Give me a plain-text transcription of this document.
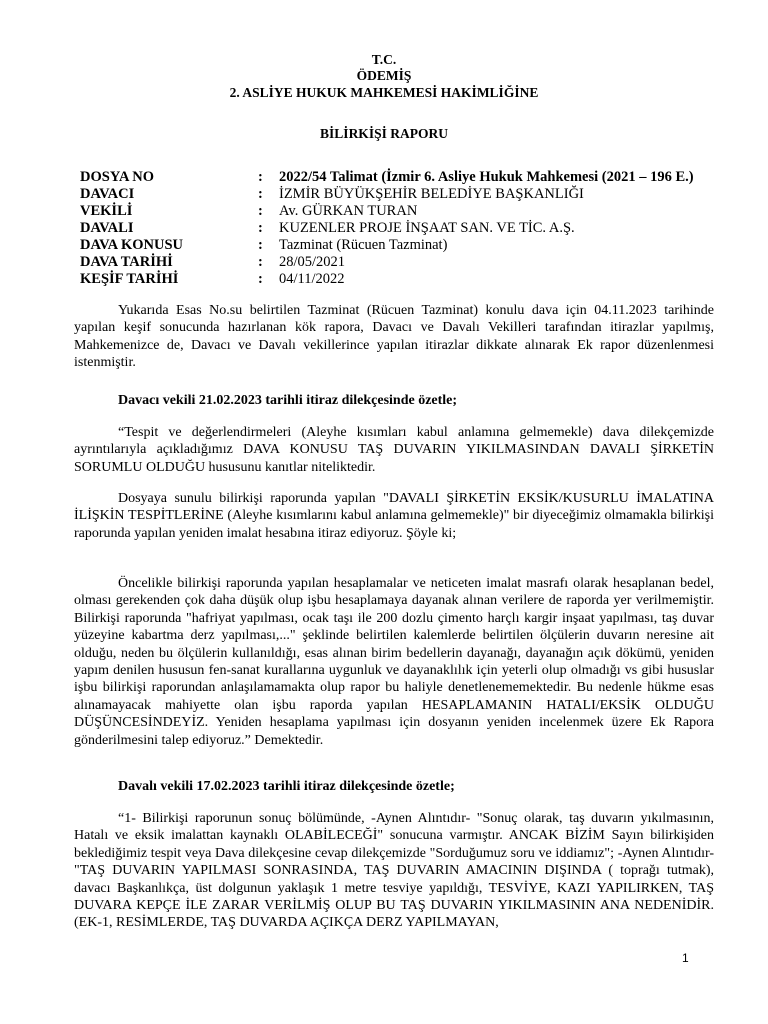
T.C.
ÖDEMİŞ
2. ASLİYE HUKUK MAHKEMESİ HAKİMLİĞİNE
BİLİRKİŞİ RAPORU
DOSYA NO	: 2022/54 Talimat (İzmir 6. Asliye Hukuk Mahkemesi (2021 – 196 E.)
DAVACI	: İZMİR BÜYÜKŞEHİR BELEDİYE BAŞKANLIĞI
VEKİLİ	: Av. GÜRKAN TURAN
DAVALI	: KUZENLER PROJE İNŞAAT SAN. VE TİC. A.Ş.
DAVA KONUSU	: Tazminat (Rücuen Tazminat)
DAVA TARİHİ	: 28/05/2021
KEŞİF TARİHİ	: 04/11/2022

Yukarıda Esas No.su belirtilen Tazminat (Rücuen Tazminat) konulu dava için 04.11.2023 tarihinde yapılan keşif sonucunda hazırlanan kök rapora, Davacı ve Davalı Vekilleri tarafından itirazlar yapılmış, Mahkemenizce de, Davacı ve Davalı vekillerince yapılan itirazlar dikkate alınarak Ek rapor düzenlenmesi istenmiştir.

Davacı vekili 21.02.2023 tarihli itiraz dilekçesinde özetle;

“Tespit ve değerlendirmeleri (Aleyhe kısımları kabul anlamına gelmemekle) dava dilekçemizde ayrıntılarıyla açıkladığımız DAVA KONUSU TAŞ DUVARIN YIKILMASINDAN DAVALI ŞİRKETİN SORUMLU OLDUĞU hususunu kanıtlar niteliktedir.

Dosyaya sunulu bilirkişi raporunda yapılan "DAVALI ŞİRKETİN EKSİK/KUSURLU İMALATINA İLİŞKİN TESPİTLERİNE (Aleyhe kısımlarını kabul anlamına gelmemekle)" bir diyeceğimiz olmamakla bilirkişi raporunda yapılan yeniden imalat hesabına itiraz ediyoruz. Şöyle ki;

Öncelikle bilirkişi raporunda yapılan hesaplamalar ve neticeten imalat masrafı olarak hesaplanan bedel, olması gerekenden çok daha düşük olup işbu hesaplamaya dayanak alınan verilere de raporda yer verilmemiştir. Bilirkişi raporunda "hafriyat yapılması, ocak taşı ile 200 dozlu çimento harçlı kargir inşaat yapılması, taş duvar yüzeyine kabartma derz yapılması,..." şeklinde belirtilen kalemlerde belirtilen ölçülerin duvarın neresine ait olduğu, neden bu ölçülerin kullanıldığı, esas alınan birim bedellerin dayanağı, dayanağın açık dökümü, yeniden yapım denilen hususun fen-sanat kurallarına uygunluk ve dayanaklılık için yeterli olup olmadığı vs gibi hususlar işbu bilirkişi raporundan anlaşılamamakta olup rapor bu haliyle denetlenememektedir. Bu nedenle hükme esas alınamayacak mahiyette olan işbu raporda yapılan HESAPLAMANIN HATALI/EKSİK OLDUĞU DÜŞÜNCESİNDEYİZ. Yeniden hesaplama yapılması için dosyanın yeniden incelenmek üzere Ek Rapora gönderilmesini talep ediyoruz.” Demektedir.

Davalı vekili 17.02.2023 tarihli itiraz dilekçesinde özetle;

“1- Bilirkişi raporunun sonuç bölümünde, -Aynen Alıntıdır- "Sonuç olarak, taş duvarın yıkılmasının, Hatalı ve eksik imalattan kaynaklı OLABİLECEĞİ" sonucuna varmıştır. ANCAK BİZİM Sayın bilirkişiden beklediğimiz tespit veya Dava dilekçesine cevap dilekçemizde "Sorduğumuz soru ve iddiamız"; -Aynen Alıntıdır- "TAŞ DUVARIN YAPILMASI SONRASINDA, TAŞ DUVARIN AMACININ DIŞINDA ( toprağı tutmak), davacı Başkanlıkça, üst dolgunun yaklaşık 1 metre tesviye yapıldığı, TESVİYE, KAZI YAPILIRKEN, TAŞ DUVARA KEPÇE İLE ZARAR VERİLMİŞ OLUP BU TAŞ DUVARIN YIKILMASININ ANA NEDENİDİR. (EK-1, RESİMLERDE, TAŞ DUVARDA AÇIKÇA DERZ YAPILMAYAN,

1
